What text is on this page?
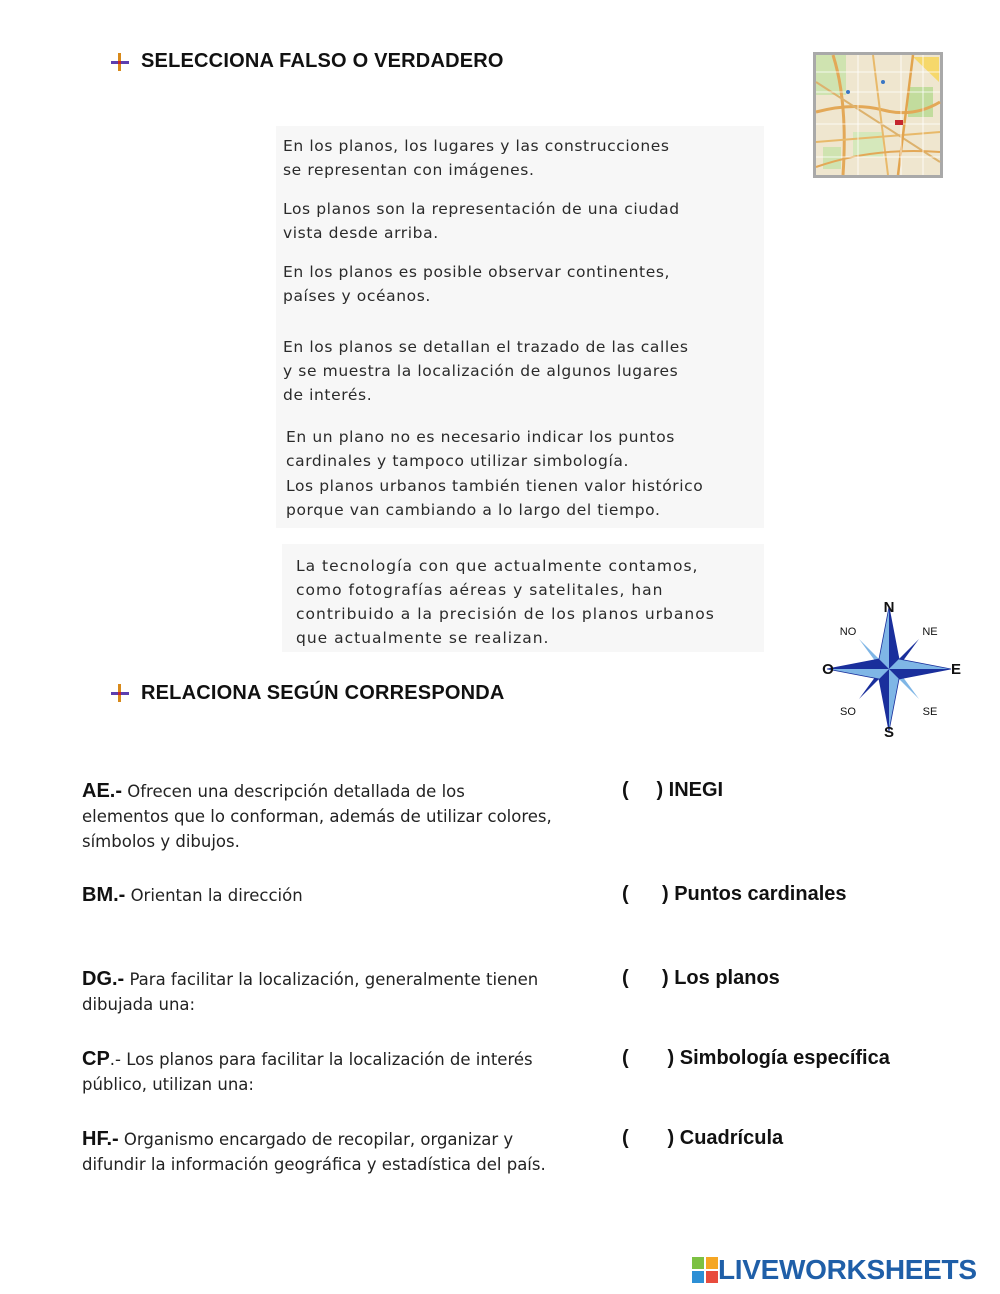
SELECCIONA FALSO O VERDADERO
En los planos, los lugares y las construcciones
se representan con imágenes.
Los planos son la representación de una ciudad
vista desde arriba.
En los planos es posible observar continentes,
países y océanos.
En los planos se detallan el trazado de las calles
y se muestra la localización de algunos lugares
de interés.
En un plano no es necesario indicar los puntos
cardinales y tampoco utilizar simbología.
Los planos urbanos también tienen valor histórico
porque van cambiando a lo largo del tiempo.
La tecnología con que actualmente contamos,
como fotografías aéreas y satelitales, han
contribuido a la precisión de los planos urbanos
que actualmente se realizan.
N
S
E
O
NO	NE
SO	SE
RELACIONA SEGÚN CORRESPONDA
AE.- Ofrecen una descripción detallada de los elementos que lo conforman, además de utilizar colores, símbolos y dibujos.
BM.- Orientan la dirección
DG.- Para facilitar la localización, generalmente tienen dibujada una:
CP.- Los planos para facilitar la localización de interés público, utilizan una:
HF.- Organismo encargado de recopilar, organizar y difundir la información geográfica y estadística del país.
(     ) INEGI
(      ) Puntos cardinales
(      ) Los planos
(       ) Simbología específica
(       ) Cuadrícula
LIVEWORKSHEETS
